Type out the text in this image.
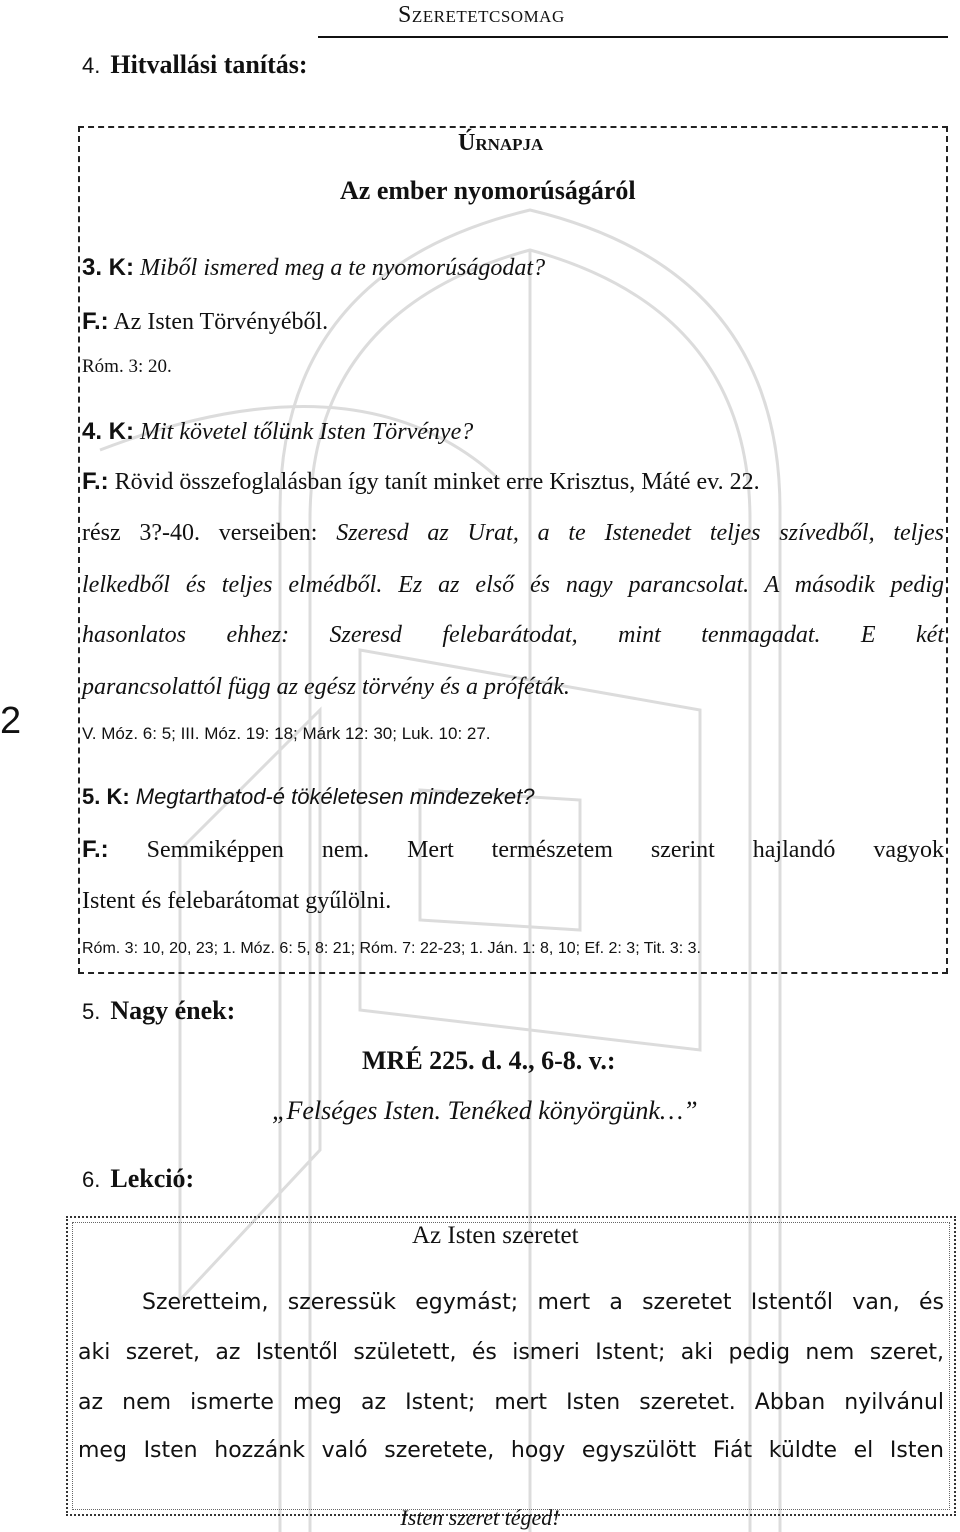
Szeretetcsomag
4. Hitvallási tanítás:
2
Úrnapja
Az ember nyomorúságáról
3. K: Miből ismered meg a te nyomorúságodat?
F.: Az Isten Törvényéből.
Róm. 3: 20.
4. K: Mit követel tőlünk Isten Törvénye?
F.: Rövid összefoglalásban így tanít minket erre Krisztus, Máté ev. 22.
rész 3?-40. verseiben: Szeresd az Urat, a te Istenedet teljes szívedből, teljes
lelkedből és teljes elmédből. Ez az első és nagy parancsolat. A második pedig
hasonlatos ehhez: Szeresd felebarátodat, mint tenmagadat. E két
parancsolattól függ az egész törvény és a próféták.
V. Móz. 6: 5; III. Móz. 19: 18; Márk 12: 30; Luk. 10: 27.
5. K: Megtarthatod-é tökéletesen mindezeket?
F.: Semmiképpen nem. Mert természetem szerint hajlandó vagyok
Istent és felebarátomat gyűlölni.
Róm. 3: 10, 20, 23; 1. Móz. 6: 5, 8: 21; Róm. 7: 22-23; 1. Ján. 1: 8, 10; Ef. 2: 3; Tit. 3: 3.
5. Nagy ének:
MRÉ 225. d. 4., 6-8. v.:
„Felséges Isten. Tenéked könyörgünk…”
6. Lekció:
Az Isten szeretet
Szeretteim, szeressük egymást; mert a szeretet Istentől van, és
aki szeret, az Istentől született, és ismeri Istent; aki pedig nem szeret,
az nem ismerte meg az Istent; mert Isten szeretet. Abban nyilvánul
meg Isten hozzánk való szeretete, hogy egyszülött Fiát küldte el Isten
Isten szeret téged!
